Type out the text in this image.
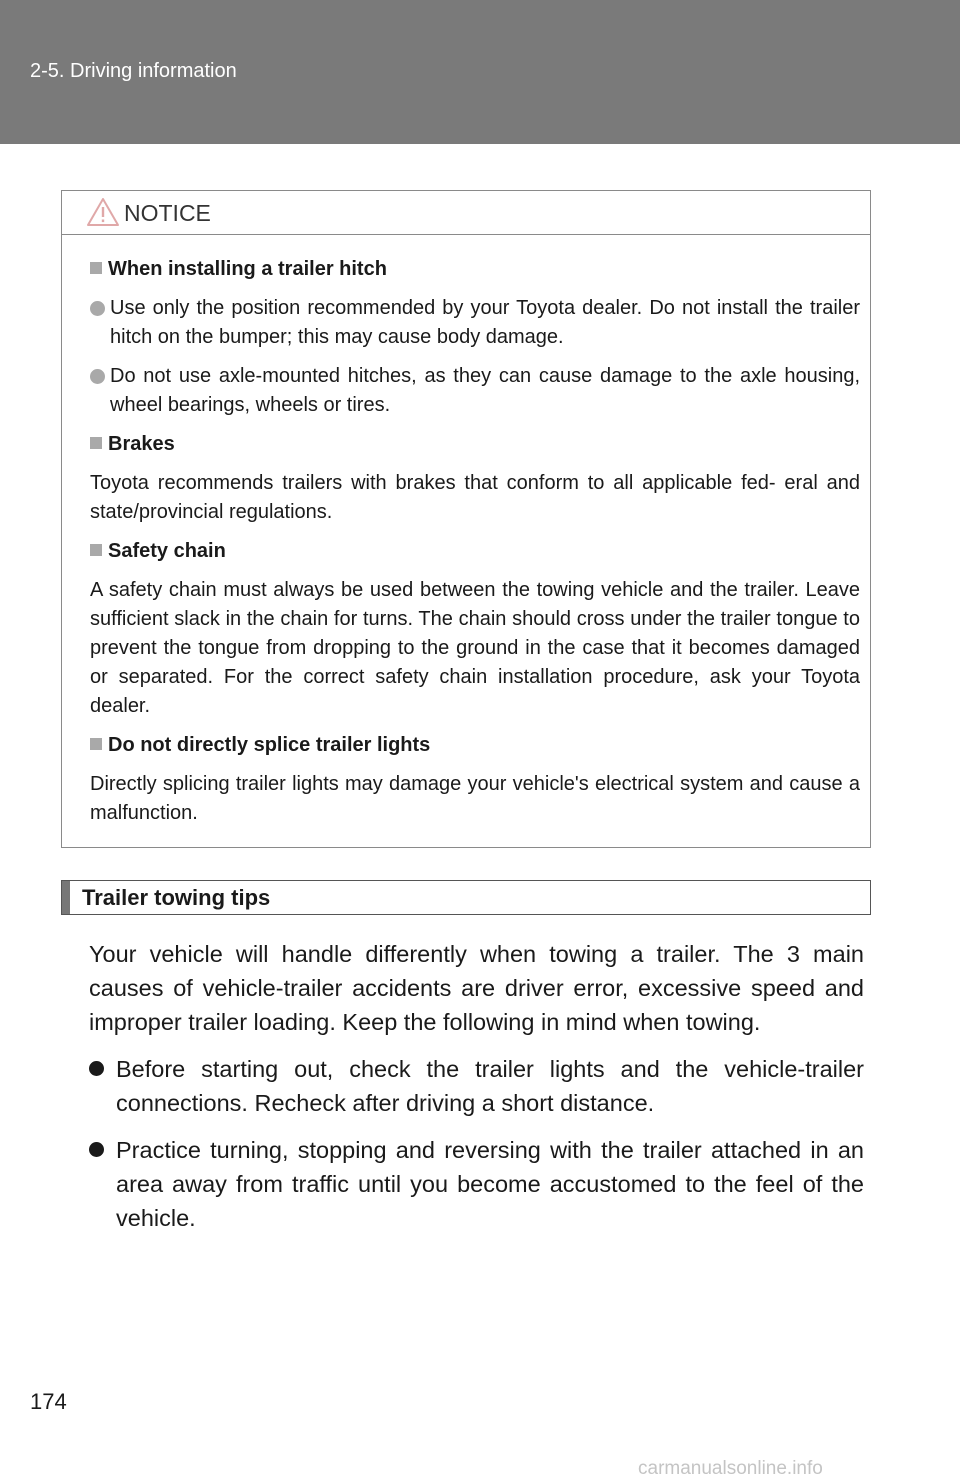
2-5. Driving information
NOTICE
When installing a trailer hitch
Use only the position recommended by your Toyota dealer. Do not install the trailer hitch on the bumper; this may cause body damage.
Do not use axle-mounted hitches, as they can cause damage to the axle housing, wheel bearings, wheels or tires.
Brakes
Toyota recommends trailers with brakes that conform to all applicable fed- eral and state/provincial regulations.
Safety chain
A safety chain must always be used between the towing vehicle and the trailer. Leave sufficient slack in the chain for turns. The chain should cross under the trailer tongue to prevent the tongue from dropping to the ground in the case that it becomes damaged or separated. For the correct safety chain installation procedure, ask your Toyota dealer.
Do not directly splice trailer lights
Directly splicing trailer lights may damage your vehicle's electrical system and cause a malfunction.
Trailer towing tips

Your vehicle will handle differently when towing a trailer. The 3 main causes of vehicle-trailer accidents are driver error, excessive speed and improper trailer loading. Keep the following in mind when towing.

Before starting out, check the trailer lights and the vehicle-trailer connections. Recheck after driving a short distance.
Practice turning, stopping and reversing with the trailer attached in an area away from traffic until you become accustomed to the feel of the vehicle.
174
carmanualsonline.info
